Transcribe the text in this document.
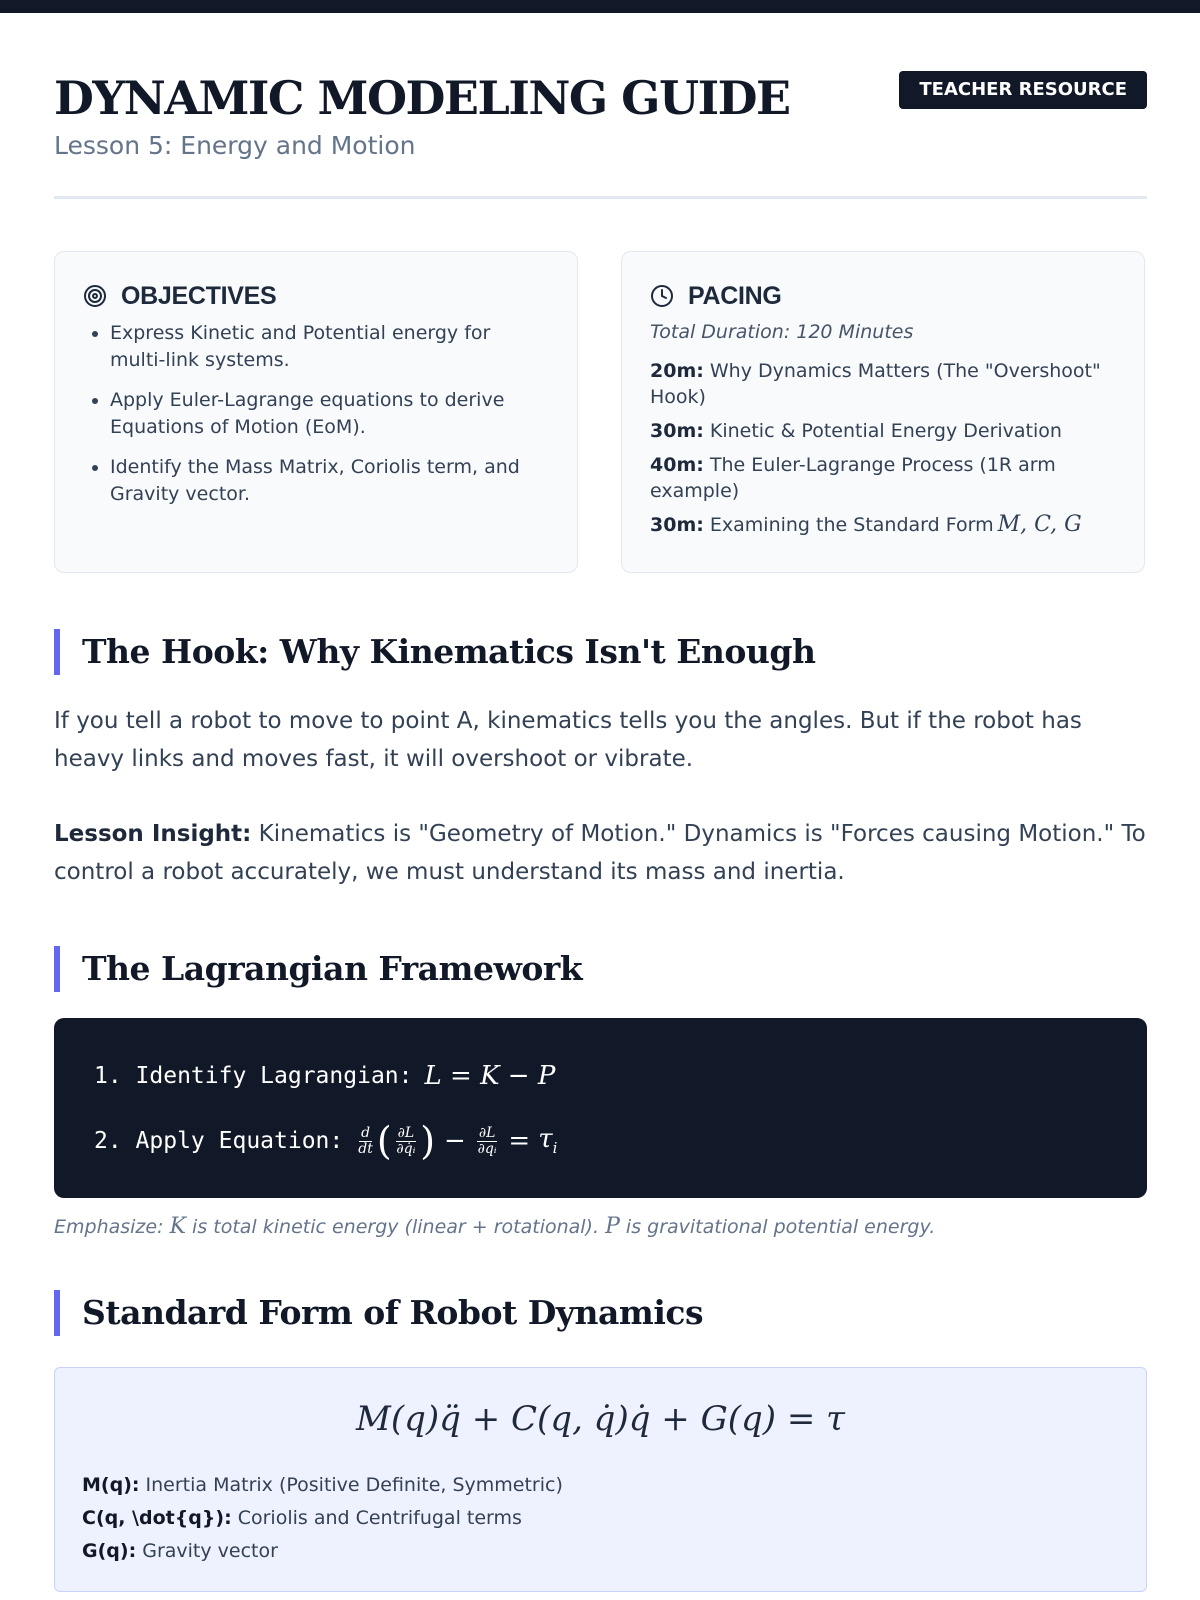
DYNAMIC MODELING GUIDE
Lesson 5: Energy and Motion
TEACHER RESOURCE
OBJECTIVES
• Express Kinetic and Potential energy for multi-link systems.
• Apply Euler-Lagrange equations to derive Equations of Motion (EoM).
• Identify the Mass Matrix, Coriolis term, and Gravity vector.
PACING
Total Duration: 120 Minutes
20m: Why Dynamics Matters (The "Overshoot" Hook)
30m: Kinetic & Potential Energy Derivation
40m: The Euler-Lagrange Process (1R arm example)
30m: Examining the Standard Form M, C, G
The Hook: Why Kinematics Isn't Enough

If you tell a robot to move to point A, kinematics tells you the angles. But if the robot has heavy links and moves fast, it will overshoot or vibrate.

Lesson Insight: Kinematics is "Geometry of Motion." Dynamics is "Forces causing Motion." To control a robot accurately, we must understand its mass and inertia.

The Lagrangian Framework
1. Identify Lagrangian: L = K − P
2. Apply Equation: $\frac{d}{dt}$ ( $\frac{\partial L}{\text{∂q̇ᵢ}}$ ) − $\frac{\partial L}{\text{∂qᵢ}} = \tau_i$
Emphasize: K is total kinetic energy (linear + rotational). P is gravitational potential energy.
Standard Form of Robot Dynamics
M(q)q̈ + C(q, q̇)q̇ + G(q) = τ
M(q): Inertia Matrix (Positive Definite, Symmetric)
C(q, \dot{q}): Coriolis and Centrifugal terms
G(q): Gravity vector
